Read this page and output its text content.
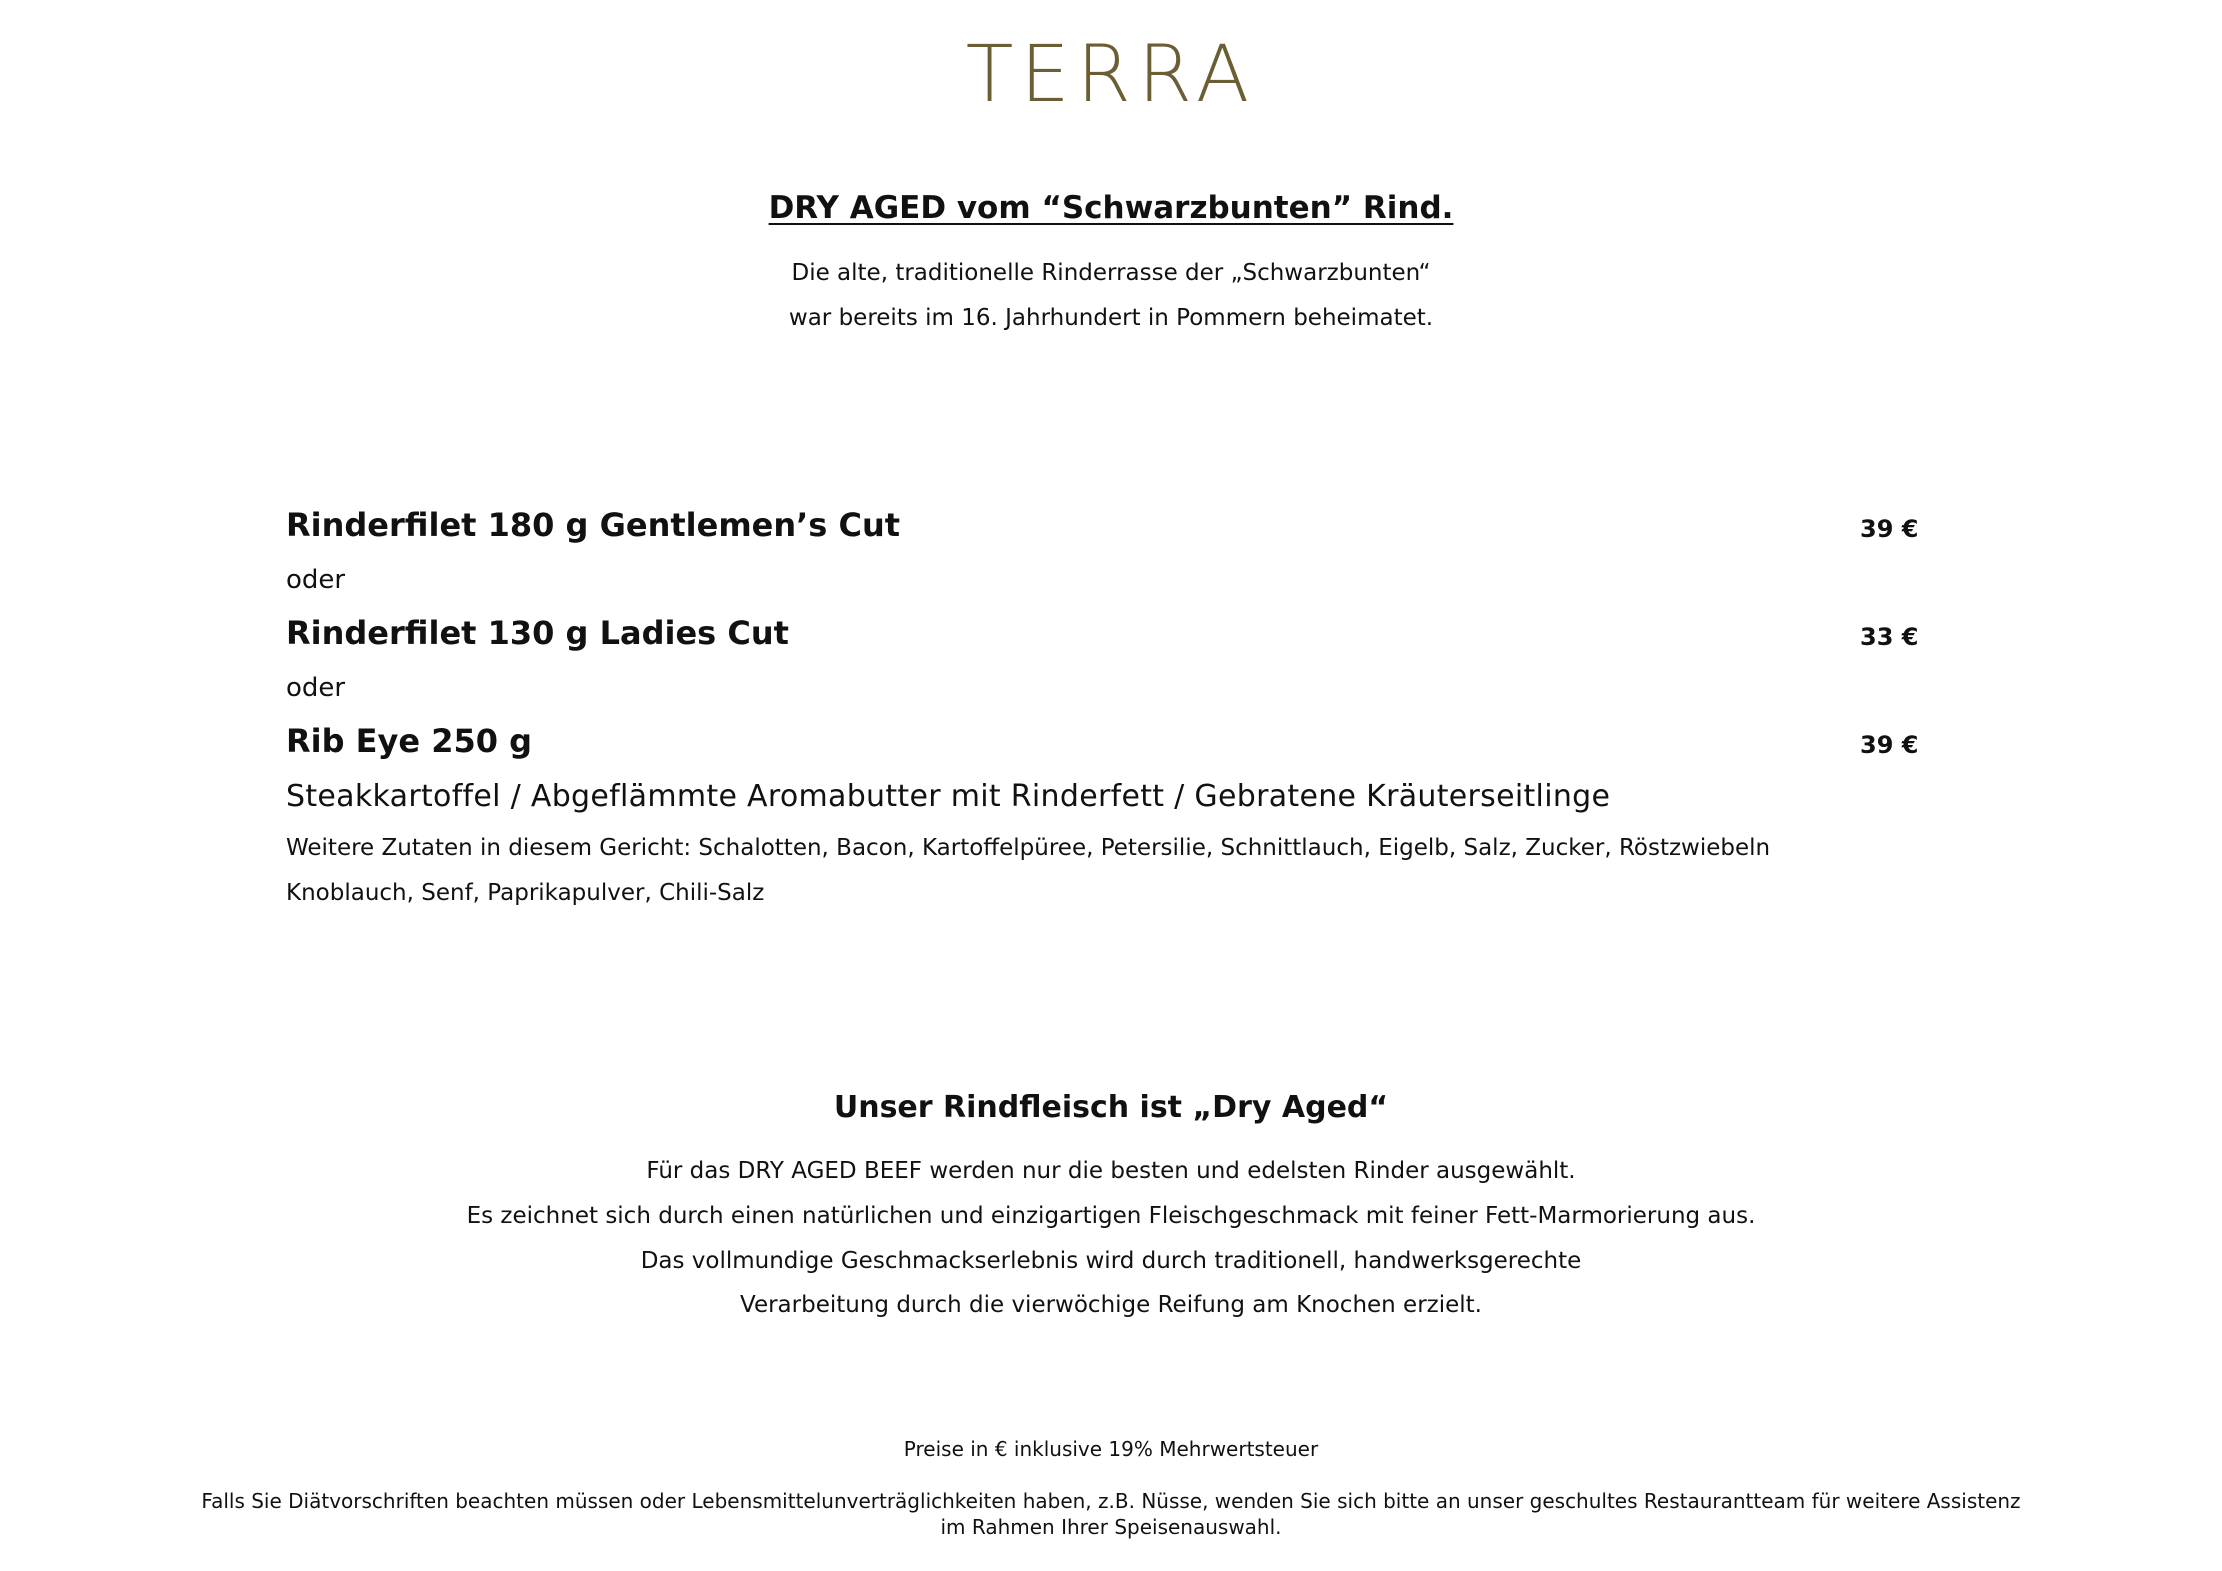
TERRA
DRY AGED vom “Schwarzbunten” Rind.
Die alte, traditionelle Rinderrasse der „Schwarzbunten“
war bereits im 16. Jahrhundert in Pommern beheimatet.
Rinderfilet 180 g Gentlemen’s Cut	39 €
oder
Rinderfilet 130 g Ladies Cut	33 €
oder
Rib Eye 250 g	39 €
Steakkartoffel / Abgeflämmte Aromabutter mit Rinderfett / Gebratene Kräuterseitlinge
Weitere Zutaten in diesem Gericht: Schalotten, Bacon, Kartoffelpüree, Petersilie, Schnittlauch, Eigelb, Salz, Zucker, Röstzwiebeln
Knoblauch, Senf, Paprikapulver, Chili-Salz
Unser Rindfleisch ist „Dry Aged“
Für das DRY AGED BEEF werden nur die besten und edelsten Rinder ausgewählt.
Es zeichnet sich durch einen natürlichen und einzigartigen Fleischgeschmack mit feiner Fett-Marmorierung aus.
Das vollmundige Geschmackserlebnis wird durch traditionell, handwerksgerechte
Verarbeitung durch die vierwöchige Reifung am Knochen erzielt.
Preise in € inklusive 19% Mehrwertsteuer
Falls Sie Diätvorschriften beachten müssen oder Lebensmittelunverträglichkeiten haben, z.B. Nüsse, wenden Sie sich bitte an unser geschultes Restaurantteam für weitere Assistenz
im Rahmen Ihrer Speisenauswahl.
